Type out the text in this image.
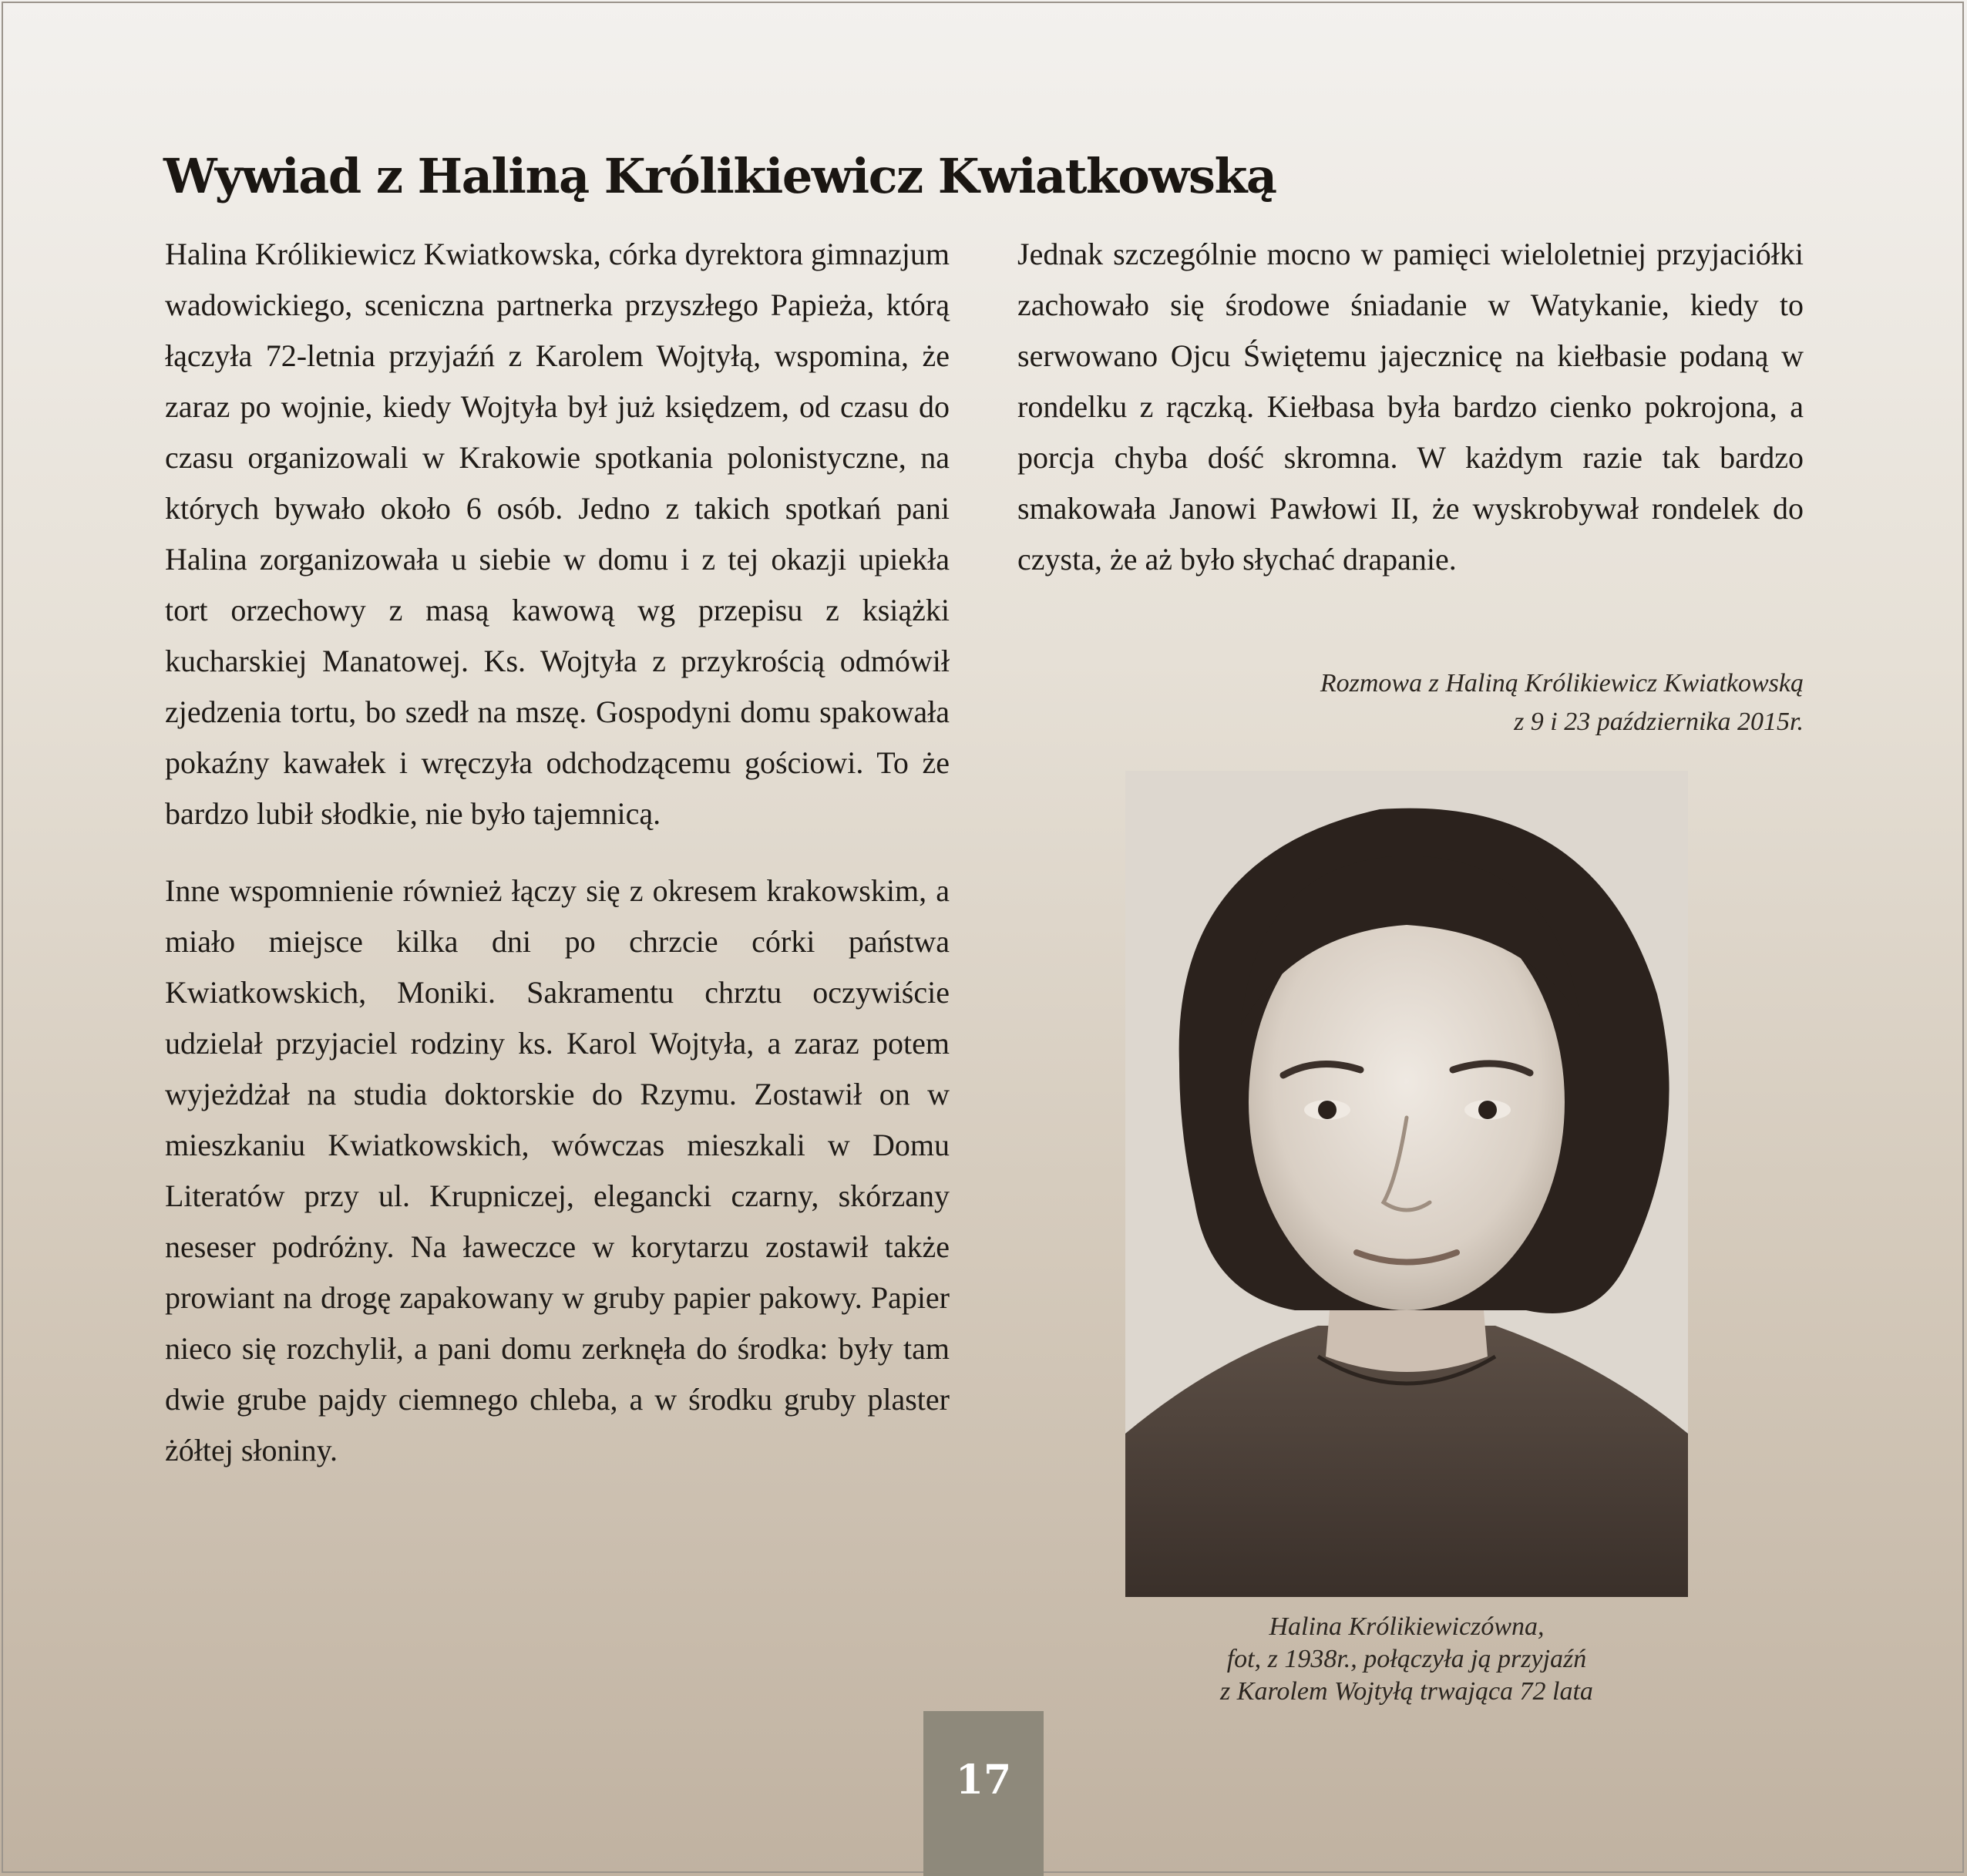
Wywiad z Haliną Królikiewicz Kwiatkowską

Halina Królikiewicz Kwiatkowska, córka dyrektora gimnazjum wadowickiego, sceniczna partnerka przyszłego Papieża, którą łączyła 72-letnia przyjaźń z Karolem Wojtyłą, wspomina, że zaraz po wojnie, kiedy Wojtyła był już księdzem, od czasu do czasu organizowali w Krakowie spotkania polonistyczne, na których bywało około 6 osób. Jedno z takich spotkań pani Halina zorganizowała u siebie w domu i z tej okazji upiekła tort orzechowy z masą kawową wg przepisu z książki kucharskiej Manatowej. Ks. Wojtyła z przykrością odmówił zjedzenia tortu, bo szedł na mszę. Gospodyni domu spakowała pokaźny kawałek i wręczyła odchodzącemu gościowi. To że bardzo lubił słodkie, nie było tajemnicą.

Inne wspomnienie również łączy się z okresem krakowskim, a miało miejsce kilka dni po chrzcie córki państwa Kwiatkowskich, Moniki. Sakramentu chrztu oczywiście udzielał przyjaciel rodziny ks. Karol Wojtyła, a zaraz potem wyjeżdżał na studia doktorskie do Rzymu. Zostawił on w mieszkaniu Kwiatkowskich, wówczas mieszkali w Domu Literatów przy ul. Krupniczej, elegancki czarny, skórzany neseser podróżny. Na ławeczce w korytarzu zostawił także prowiant na drogę zapakowany w gruby papier pakowy. Papier nieco się rozchylił, a pani domu zerknęła do środka: były tam dwie grube pajdy ciemnego chleba, a w środku gruby plaster żółtej słoniny.

Jednak szczególnie mocno w pamięci wieloletniej przyjaciółki zachowało się środowe śniadanie w Watykanie, kiedy to serwowano Ojcu Świętemu jajecznicę na kiełbasie podaną w rondelku z rączką. Kiełbasa była bardzo cienko pokrojona, a porcja chyba dość skromna. W każdym razie tak bardzo smakowała Janowi Pawłowi II, że wyskrobywał rondelek do czysta, że aż było słychać drapanie.

Rozmowa z Haliną Królikiewicz Kwiatkowską
z 9 i 23 października 2015r.
Halina Królikiewiczówna,
fot, z 1938r., połączyła ją przyjaźń
z Karolem Wojtyłą trwająca 72 lata
17
